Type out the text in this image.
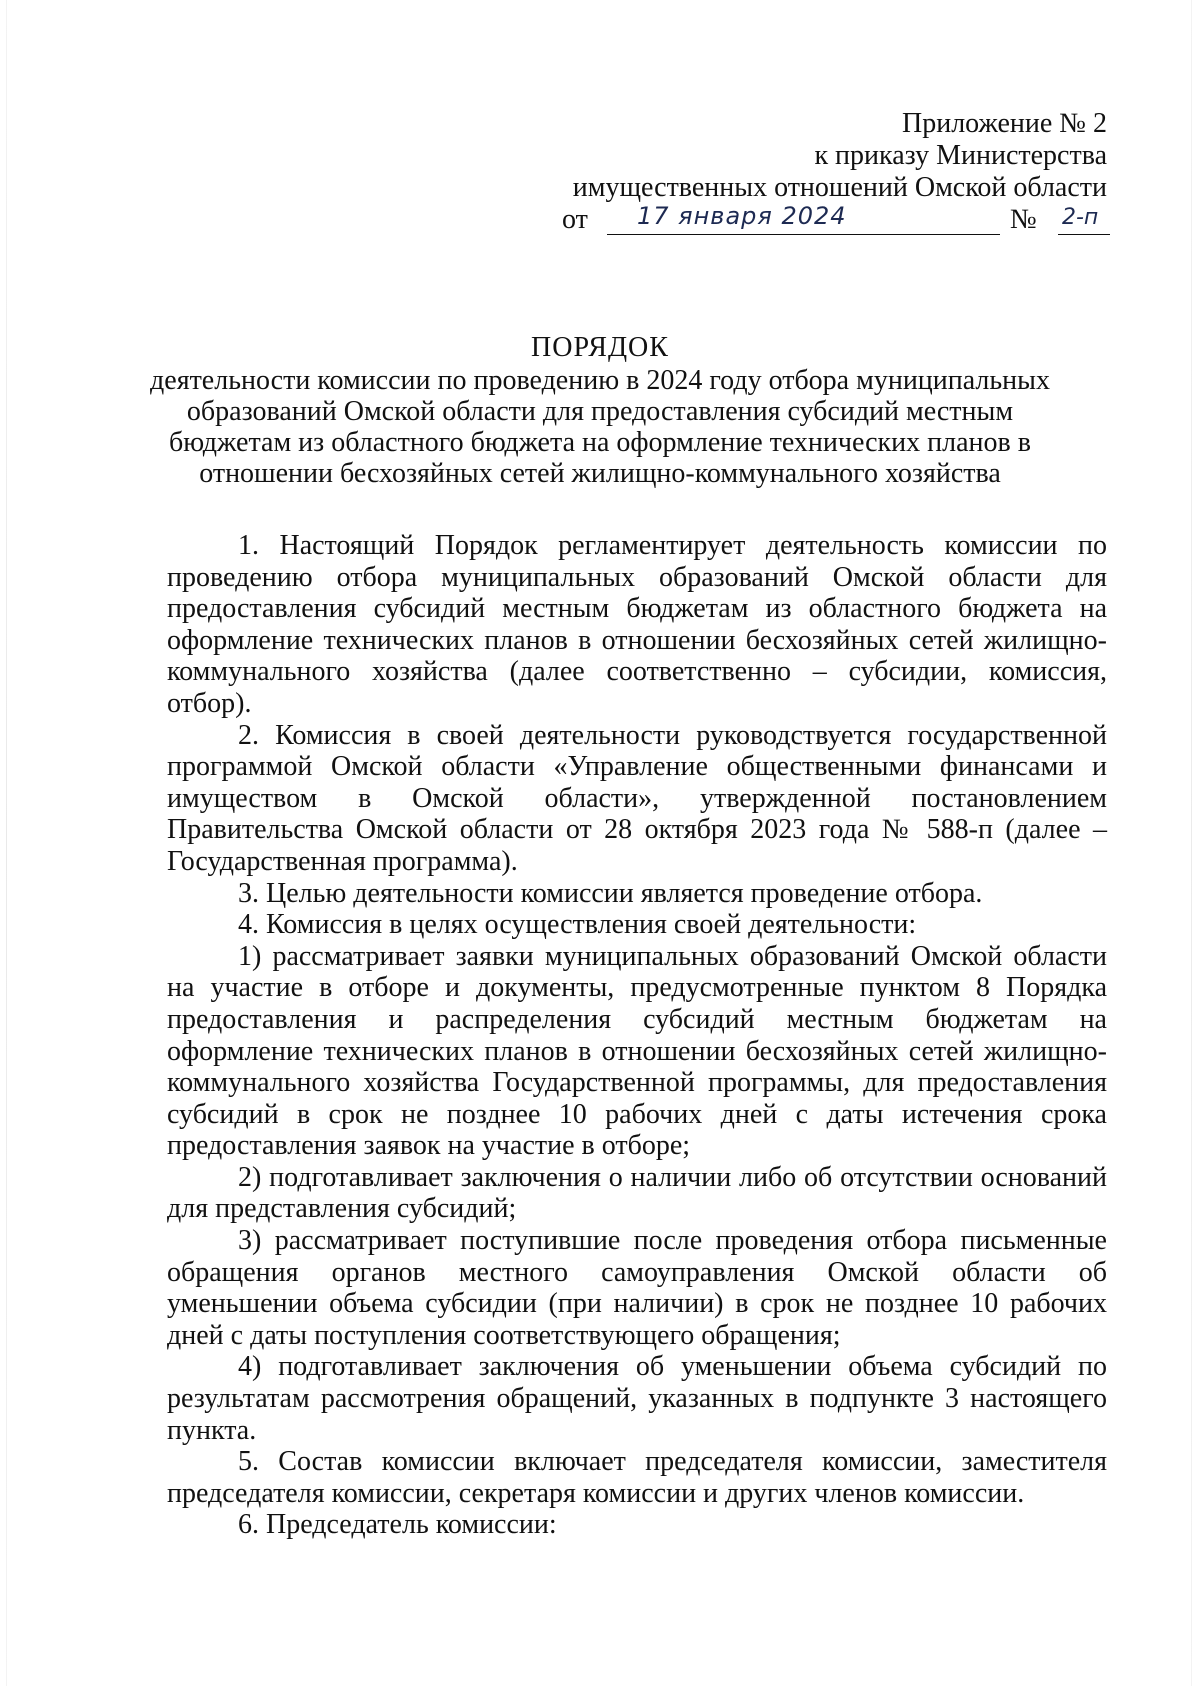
Приложение № 2
к приказу Министерства
имущественных отношений Омской области
от 17 января 2024	№ 2-п
ПОРЯДОК
деятельности комиссии по проведению в 2024 году отбора муниципальных
образований Омской области для предоставления субсидий местным
бюджетам из областного бюджета на оформление технических планов в
отношении бесхозяйных сетей жилищно-коммунального хозяйства

1. Настоящий Порядок регламентирует деятельность комиссии по проведению отбора муниципальных образований Омской области для предоставления субсидий местным бюджетам из областного бюджета на оформление технических планов в отношении бесхозяйных сетей жилищно-коммунального хозяйства (далее соответственно – субсидии, комиссия, отбор).

2. Комиссия в своей деятельности руководствуется государственной программой Омской области «Управление общественными финансами и имуществом в Омской области», утвержденной постановлением Правительства Омской области от 28 октября 2023 года № 588-п (далее – Государственная программа).

3. Целью деятельности комиссии является проведение отбора.

4. Комиссия в целях осуществления своей деятельности:

1) рассматривает заявки муниципальных образований Омской области на участие в отборе и документы, предусмотренные пунктом 8 Порядка предоставления и распределения субсидий местным бюджетам на оформление технических планов в отношении бесхозяйных сетей жилищно-коммунального хозяйства Государственной программы, для предоставления субсидий в срок не позднее 10 рабочих дней с даты истечения срока предоставления заявок на участие в отборе;

2) подготавливает заключения о наличии либо об отсутствии оснований для представления субсидий;

3) рассматривает поступившие после проведения отбора письменные обращения органов местного самоуправления Омской области об уменьшении объема субсидии (при наличии) в срок не позднее 10 рабочих дней с даты поступления соответствующего обращения;

4) подготавливает заключения об уменьшении объема субсидий по результатам рассмотрения обращений, указанных в подпункте 3 настоящего пункта.

5. Состав комиссии включает председателя комиссии, заместителя председателя комиссии, секретаря комиссии и других членов комиссии.

6. Председатель комиссии:
